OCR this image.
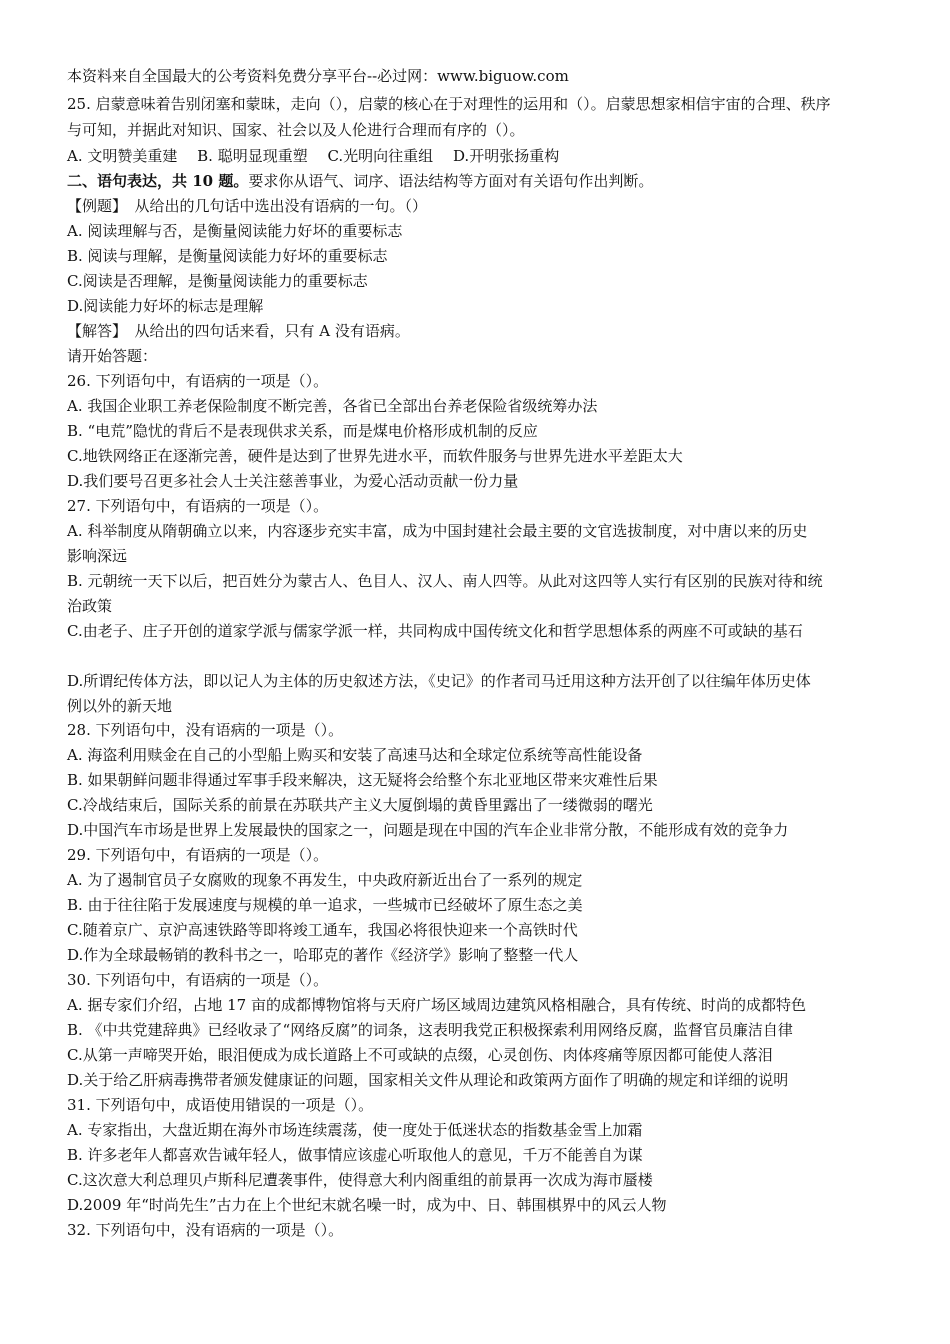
本资料来自全国最大的公考资料免费分享平台--必过网：www.biguow.com
25. 启蒙意味着告别闭塞和蒙昧，走向（），启蒙的核心在于对理性的运用和（）。启蒙思想家相信宇宙的合理、秩序
与可知，并据此对知识、国家、社会以及人伦进行合理而有序的（）。
A. 文明赞美重建　 B. 聪明显现重塑　 C.光明向往重组　 D.开明张扬重构
二、语句表达，共 10 题。要求你从语气、词序、语法结构等方面对有关语句作出判断。
【例题】　从给出的几句话中选出没有语病的一句。（）
A. 阅读理解与否，是衡量阅读能力好坏的重要标志
B. 阅读与理解，是衡量阅读能力好坏的重要标志
C.阅读是否理解，是衡量阅读能力的重要标志
D.阅读能力好坏的标志是理解
【解答】　从给出的四句话来看，只有 A 没有语病。
请开始答题：
26. 下列语句中，有语病的一项是（）。
A. 我国企业职工养老保险制度不断完善，各省已全部出台养老保险省级统筹办法
B. “电荒”隐忧的背后不是表现供求关系，而是煤电价格形成机制的反应
C.地铁网络正在逐渐完善，硬件是达到了世界先进水平，而软件服务与世界先进水平差距太大
D.我们要号召更多社会人士关注慈善事业，为爱心活动贡献一份力量
27. 下列语句中，有语病的一项是（）。
A. 科举制度从隋朝确立以来，内容逐步充实丰富，成为中国封建社会最主要的文官选拔制度，对中唐以来的历史
影响深远
B. 元朝统一天下以后，把百姓分为蒙古人、色目人、汉人、南人四等。从此对这四等人实行有区别的民族对待和统
治政策
C.由老子、庄子开创的道家学派与儒家学派一样，共同构成中国传统文化和哲学思想体系的两座不可或缺的基石
D.所谓纪传体方法，即以记人为主体的历史叙述方法，《史记》的作者司马迁用这种方法开创了以往编年体历史体
例以外的新天地
28. 下列语句中，没有语病的一项是（）。
A. 海盗利用赎金在自己的小型船上购买和安装了高速马达和全球定位系统等高性能设备
B. 如果朝鲜问题非得通过军事手段来解决，这无疑将会给整个东北亚地区带来灾难性后果
C.冷战结束后，国际关系的前景在苏联共产主义大厦倒塌的黄昏里露出了一缕微弱的曙光
D.中国汽车市场是世界上发展最快的国家之一，问题是现在中国的汽车企业非常分散，不能形成有效的竞争力
29. 下列语句中，有语病的一项是（）。
A. 为了遏制官员子女腐败的现象不再发生，中央政府新近出台了一系列的规定
B. 由于往往陷于发展速度与规模的单一追求，一些城市已经破坏了原生态之美
C.随着京广、京沪高速铁路等即将竣工通车，我国必将很快迎来一个高铁时代
D.作为全球最畅销的教科书之一，哈耶克的著作《经济学》影响了整整一代人
30. 下列语句中，有语病的一项是（）。
A. 据专家们介绍，占地 17 亩的成都博物馆将与天府广场区域周边建筑风格相融合，具有传统、时尚的成都特色
B. 《中共党建辞典》已经收录了“网络反腐”的词条，这表明我党正积极探索利用网络反腐，监督官员廉洁自律
C.从第一声啼哭开始，眼泪便成为成长道路上不可或缺的点缀，心灵创伤、肉体疼痛等原因都可能使人落泪
D.关于给乙肝病毒携带者颁发健康证的问题，国家相关文件从理论和政策两方面作了明确的规定和详细的说明
31. 下列语句中，成语使用错误的一项是（）。
A. 专家指出，大盘近期在海外市场连续震荡，使一度处于低迷状态的指数基金雪上加霜
B. 许多老年人都喜欢告诫年轻人，做事情应该虚心听取他人的意见，千万不能善自为谋
C.这次意大利总理贝卢斯科尼遭袭事件，使得意大利内阁重组的前景再一次成为海市蜃楼
D.2009 年“时尚先生”古力在上个世纪末就名噪一时，成为中、日、韩围棋界中的风云人物
32. 下列语句中，没有语病的一项是（）。
